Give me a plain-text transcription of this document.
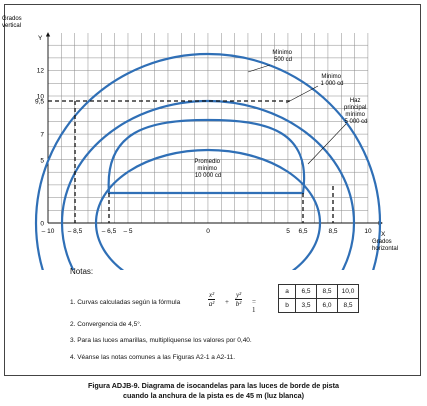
Grados
vertical
Y
0
5
7
9,5
10
12
X
Grados
horizontal
– 10 – 8,5	– 6,5 – 5	0	5 6,5	8,5	10
Mínimo 500 cd
Mínimo 1 000 cd
Haz principal mínimo 5 000 cd
Promedio mínimo 10 000 cd
Notas:
1. Curvas calculadas según la fórmula	$\frac{\text{x²}}{\text{a²}} + \frac{\text{y²}}{\text{b²}} = 1$
a	6,5	8,5	10,0
b	3,5	6,0	8,5
2. Convergencia de 4,5°.
3. Para las luces amarillas, multiplíquense los valores por 0,40.
4. Véanse las notas comunes a las Figuras A2-1 a A2-11.
Figura ADJB-9. Diagrama de isocandelas para las luces de borde de pista
cuando la anchura de la pista es de 45 m (luz blanca)
